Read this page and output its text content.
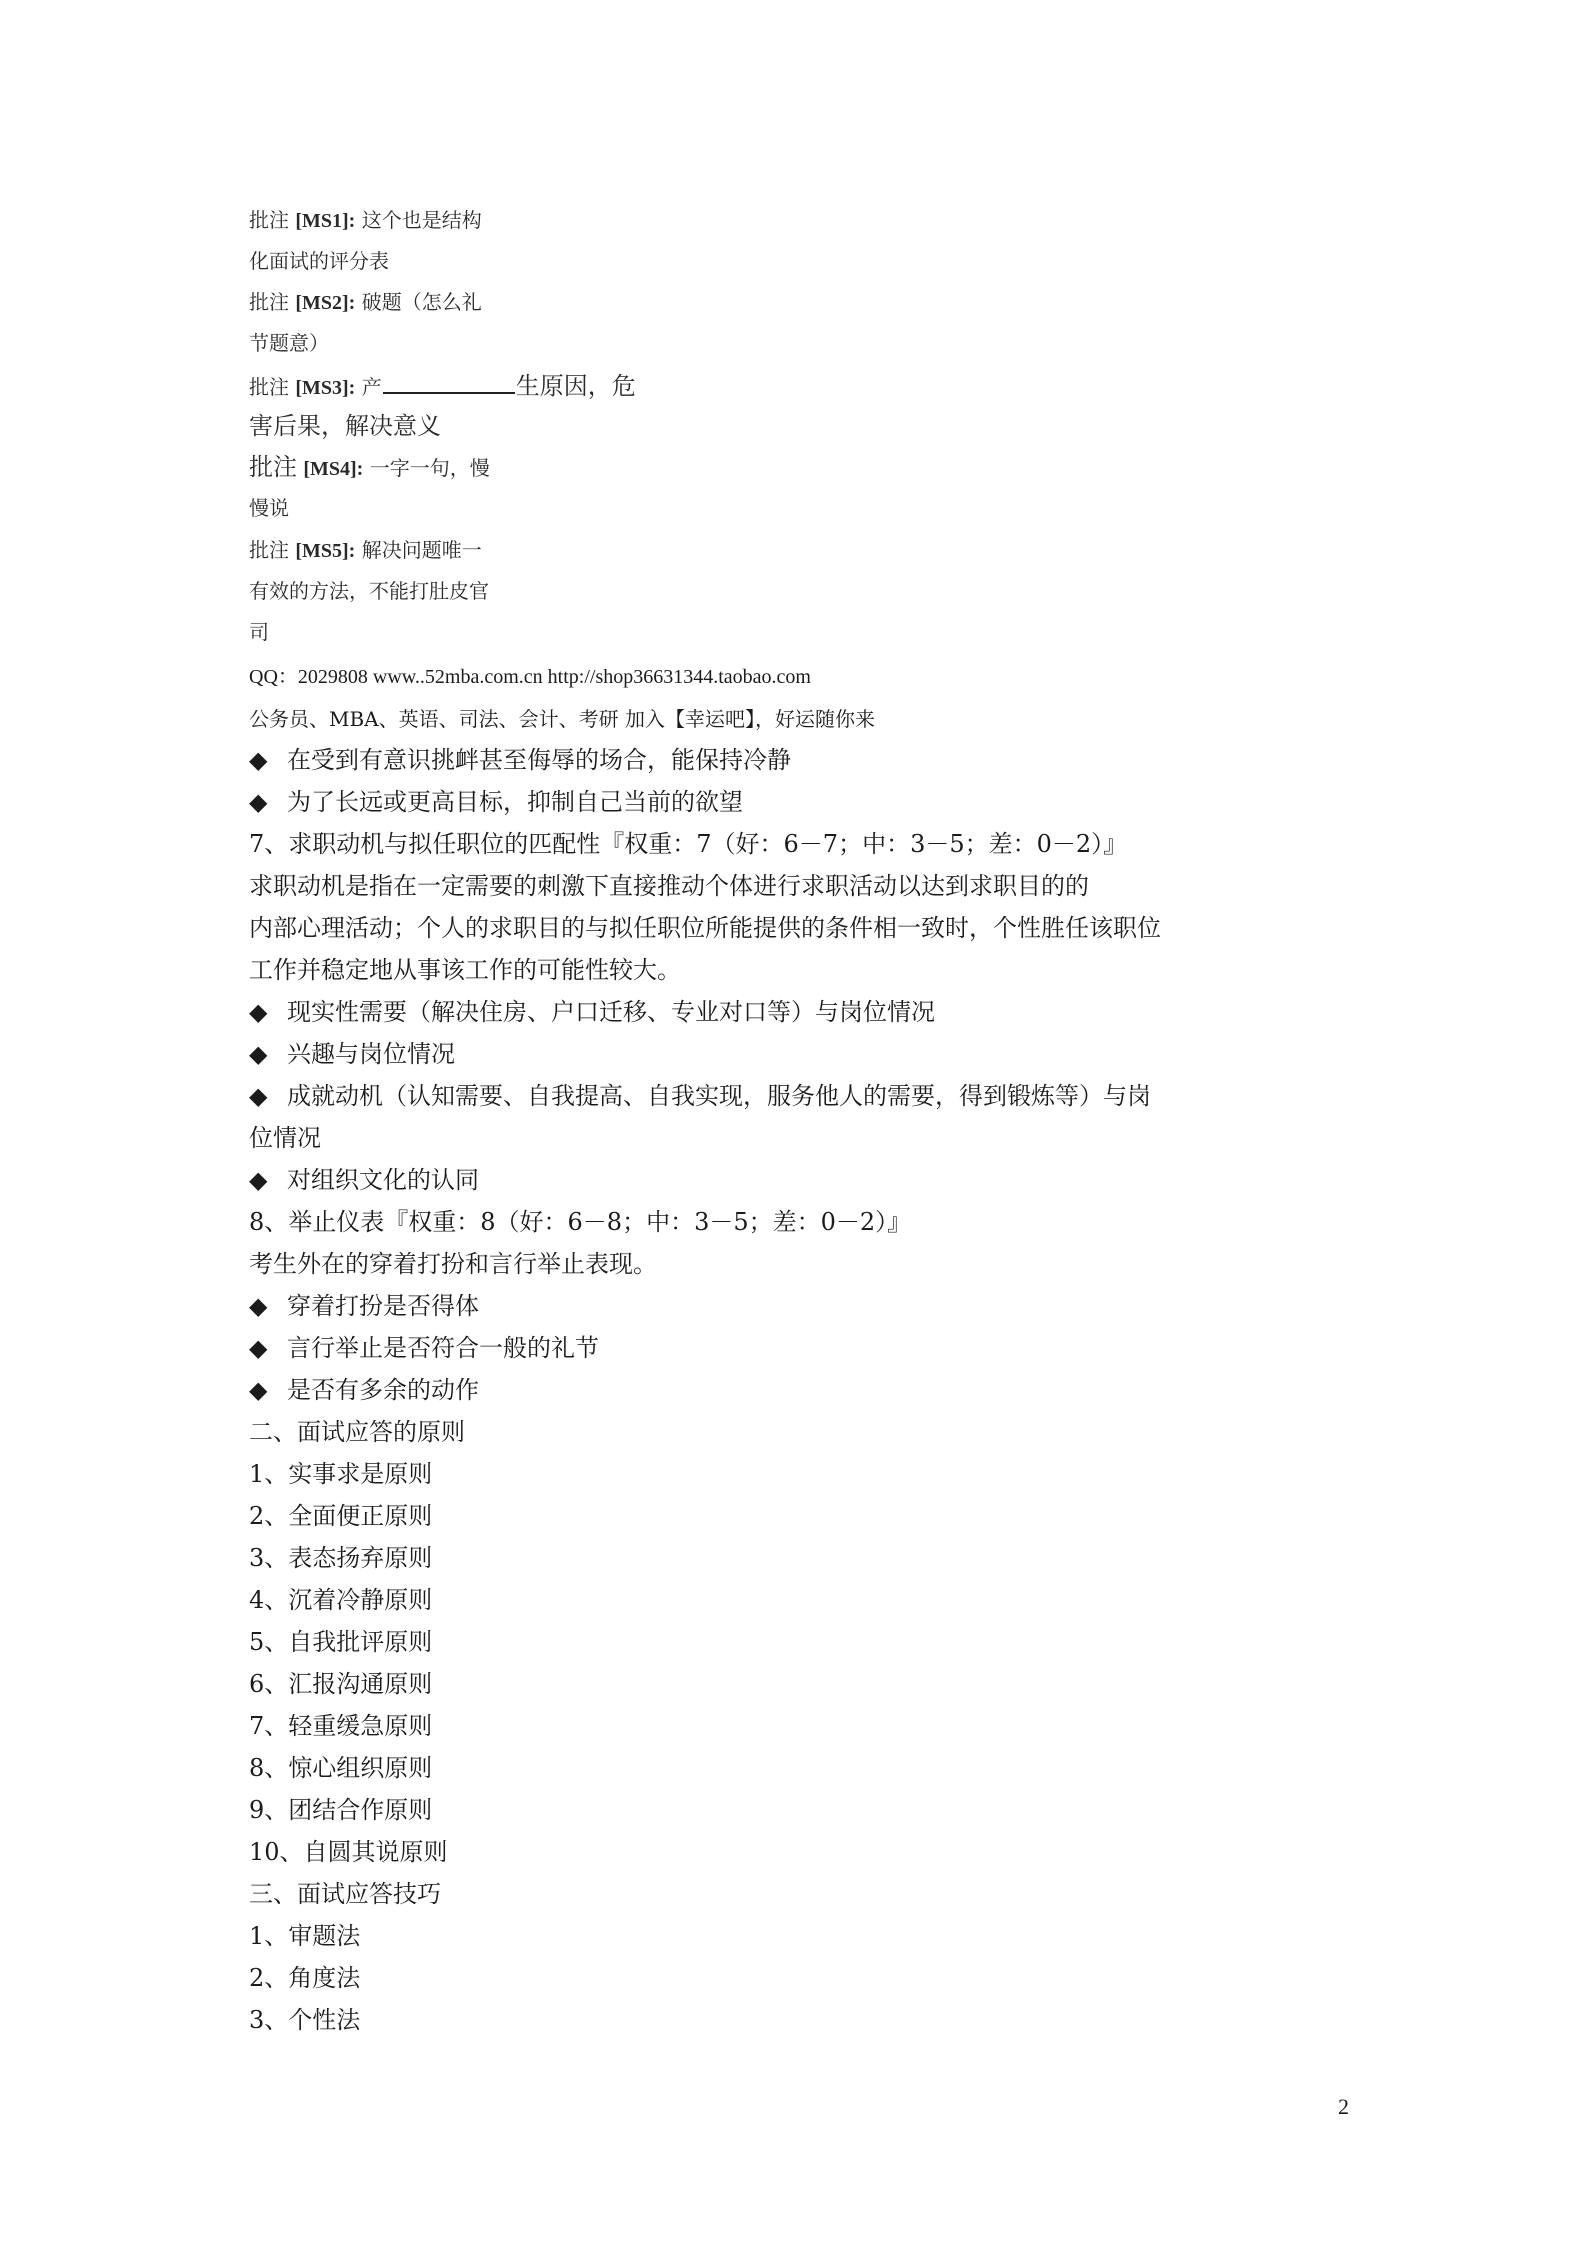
批注 [MS1]: 这个也是结构
化面试的评分表
批注 [MS2]: 破题（怎么礼
节题意）
批注 [MS3]: 产	生原因，危
害后果，解决意义
批注 [MS4]: 一字一句，慢
慢说
批注 [MS5]: 解决问题唯一
有效的方法，不能打肚皮官
司
QQ：2029808 www..52mba.com.cn http://shop36631344.taobao.com
公务员、MBA、英语、司法、会计、考研 加入【幸运吧】，好运随你来
◆ 在受到有意识挑衅甚至侮辱的场合，能保持冷静
◆ 为了长远或更高目标，抑制自己当前的欲望
7、求职动机与拟任职位的匹配性『权重：7（好：6－7；中：3－5；差：0－2）』
求职动机是指在一定需要的刺激下直接推动个体进行求职活动以达到求职目的的
内部心理活动；个人的求职目的与拟任职位所能提供的条件相一致时，个性胜任该职位
工作并稳定地从事该工作的可能性较大。
◆ 现实性需要（解决住房、户口迁移、专业对口等）与岗位情况
◆ 兴趣与岗位情况
◆ 成就动机（认知需要、自我提高、自我实现，服务他人的需要，得到锻炼等）与岗
位情况
◆ 对组织文化的认同
8、举止仪表『权重：8（好：6－8；中：3－5；差：0－2）』
考生外在的穿着打扮和言行举止表现。
◆ 穿着打扮是否得体
◆ 言行举止是否符合一般的礼节
◆ 是否有多余的动作
二、面试应答的原则
1、实事求是原则
2、全面便正原则
3、表态扬弃原则
4、沉着冷静原则
5、自我批评原则
6、汇报沟通原则
7、轻重缓急原则
8、惊心组织原则
9、团结合作原则
10、自圆其说原则
三、面试应答技巧
1、审题法
2、角度法
3、个性法
2
